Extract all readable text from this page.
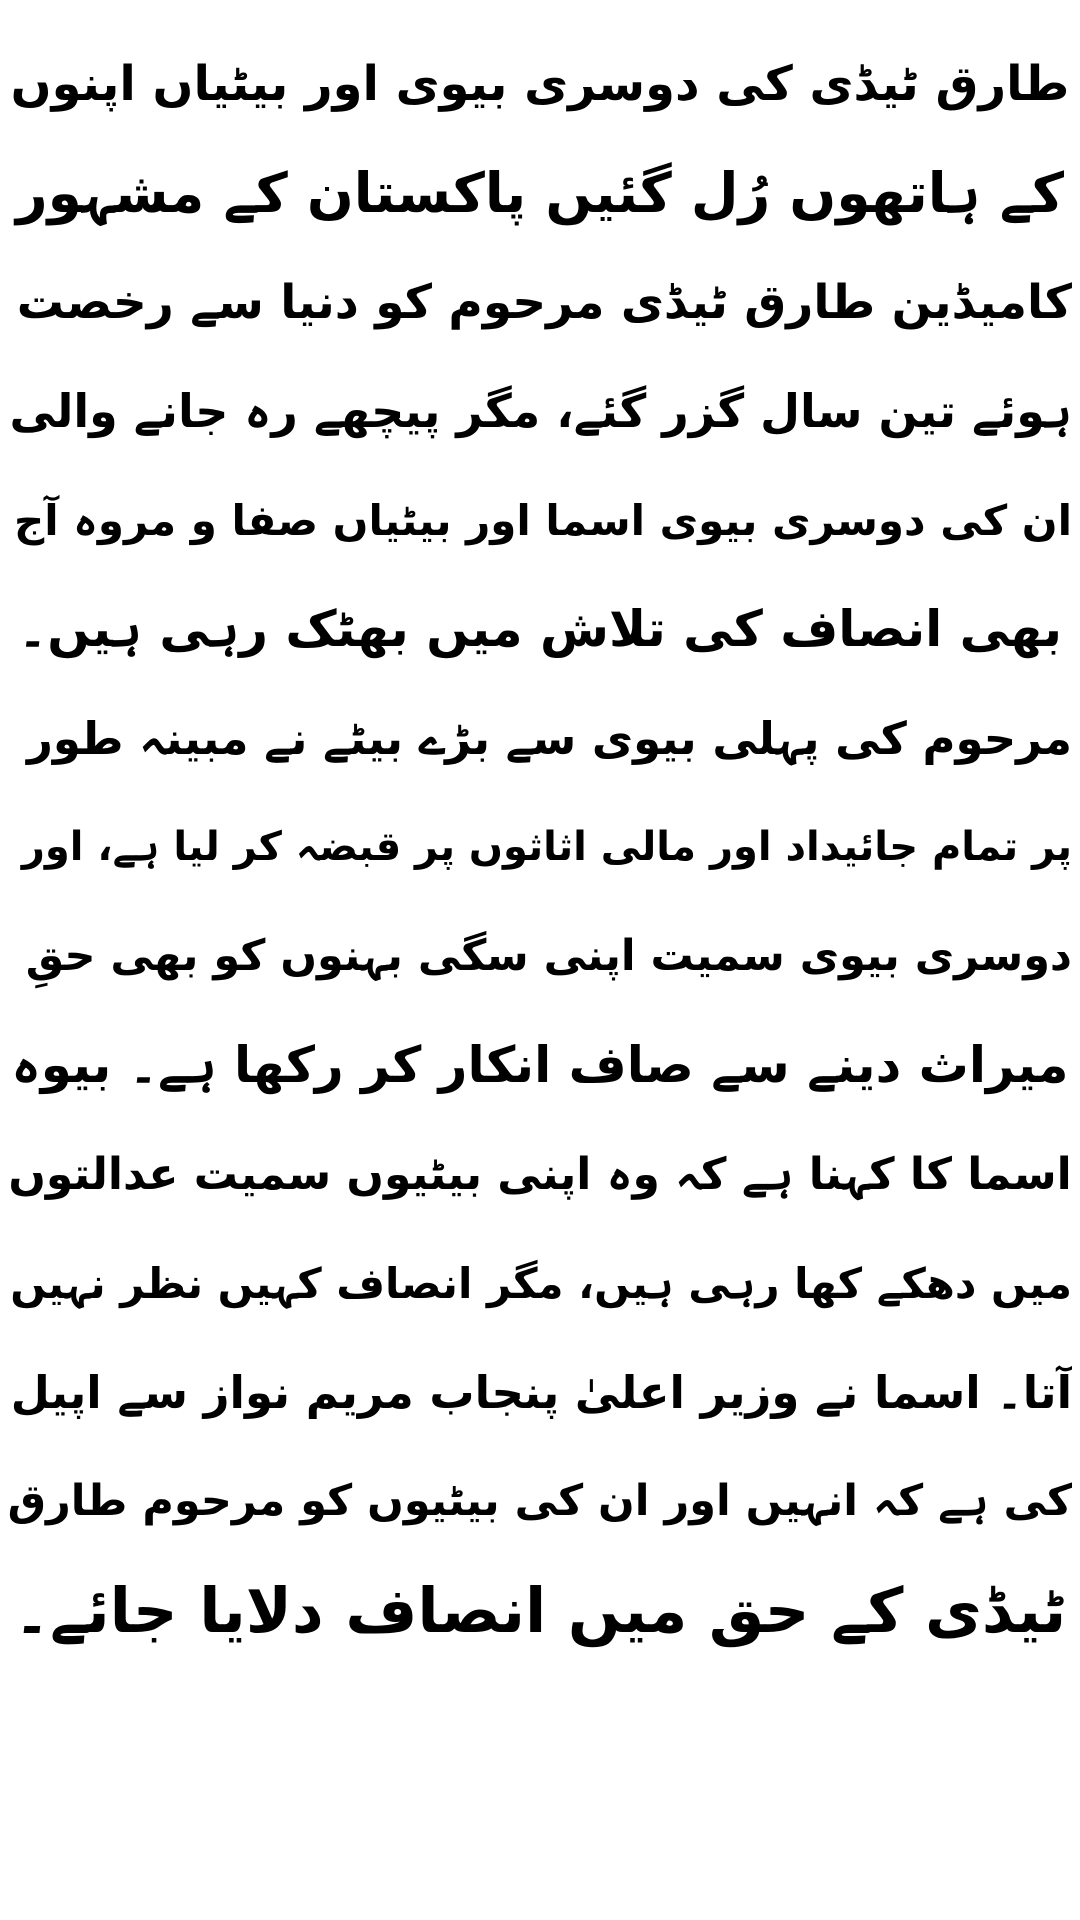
طارق ٹیڈی کی دوسری بیوی اور بیٹیاں اپنوں
کے ہاتھوں رُل گئیں پاکستان کے مشہور
کامیڈین طارق ٹیڈی مرحوم کو دنیا سے رخصت
ہوئے تین سال گزر گئے، مگر پیچھے رہ جانے والی
ان کی دوسری بیوی اسما اور بیٹیاں صفا و مروہ آج
بھی انصاف کی تلاش میں بھٹک رہی ہیں۔
مرحوم کی پہلی بیوی سے بڑے بیٹے نے مبینہ طور
پر تمام جائیداد اور مالی اثاثوں پر قبضہ کر لیا ہے، اور
دوسری بیوی سمیت اپنی سگی بہنوں کو بھی حقِ
میراث دینے سے صاف انکار کر رکھا ہے۔ بیوہ
اسما کا کہنا ہے کہ وہ اپنی بیٹیوں سمیت عدالتوں
میں دھکے کھا رہی ہیں، مگر انصاف کہیں نظر نہیں
آتا۔ اسما نے وزیر اعلیٰ پنجاب مریم نواز سے اپیل
کی ہے کہ انہیں اور ان کی بیٹیوں کو مرحوم طارق
ٹیڈی کے حق میں انصاف دلایا جائے۔
